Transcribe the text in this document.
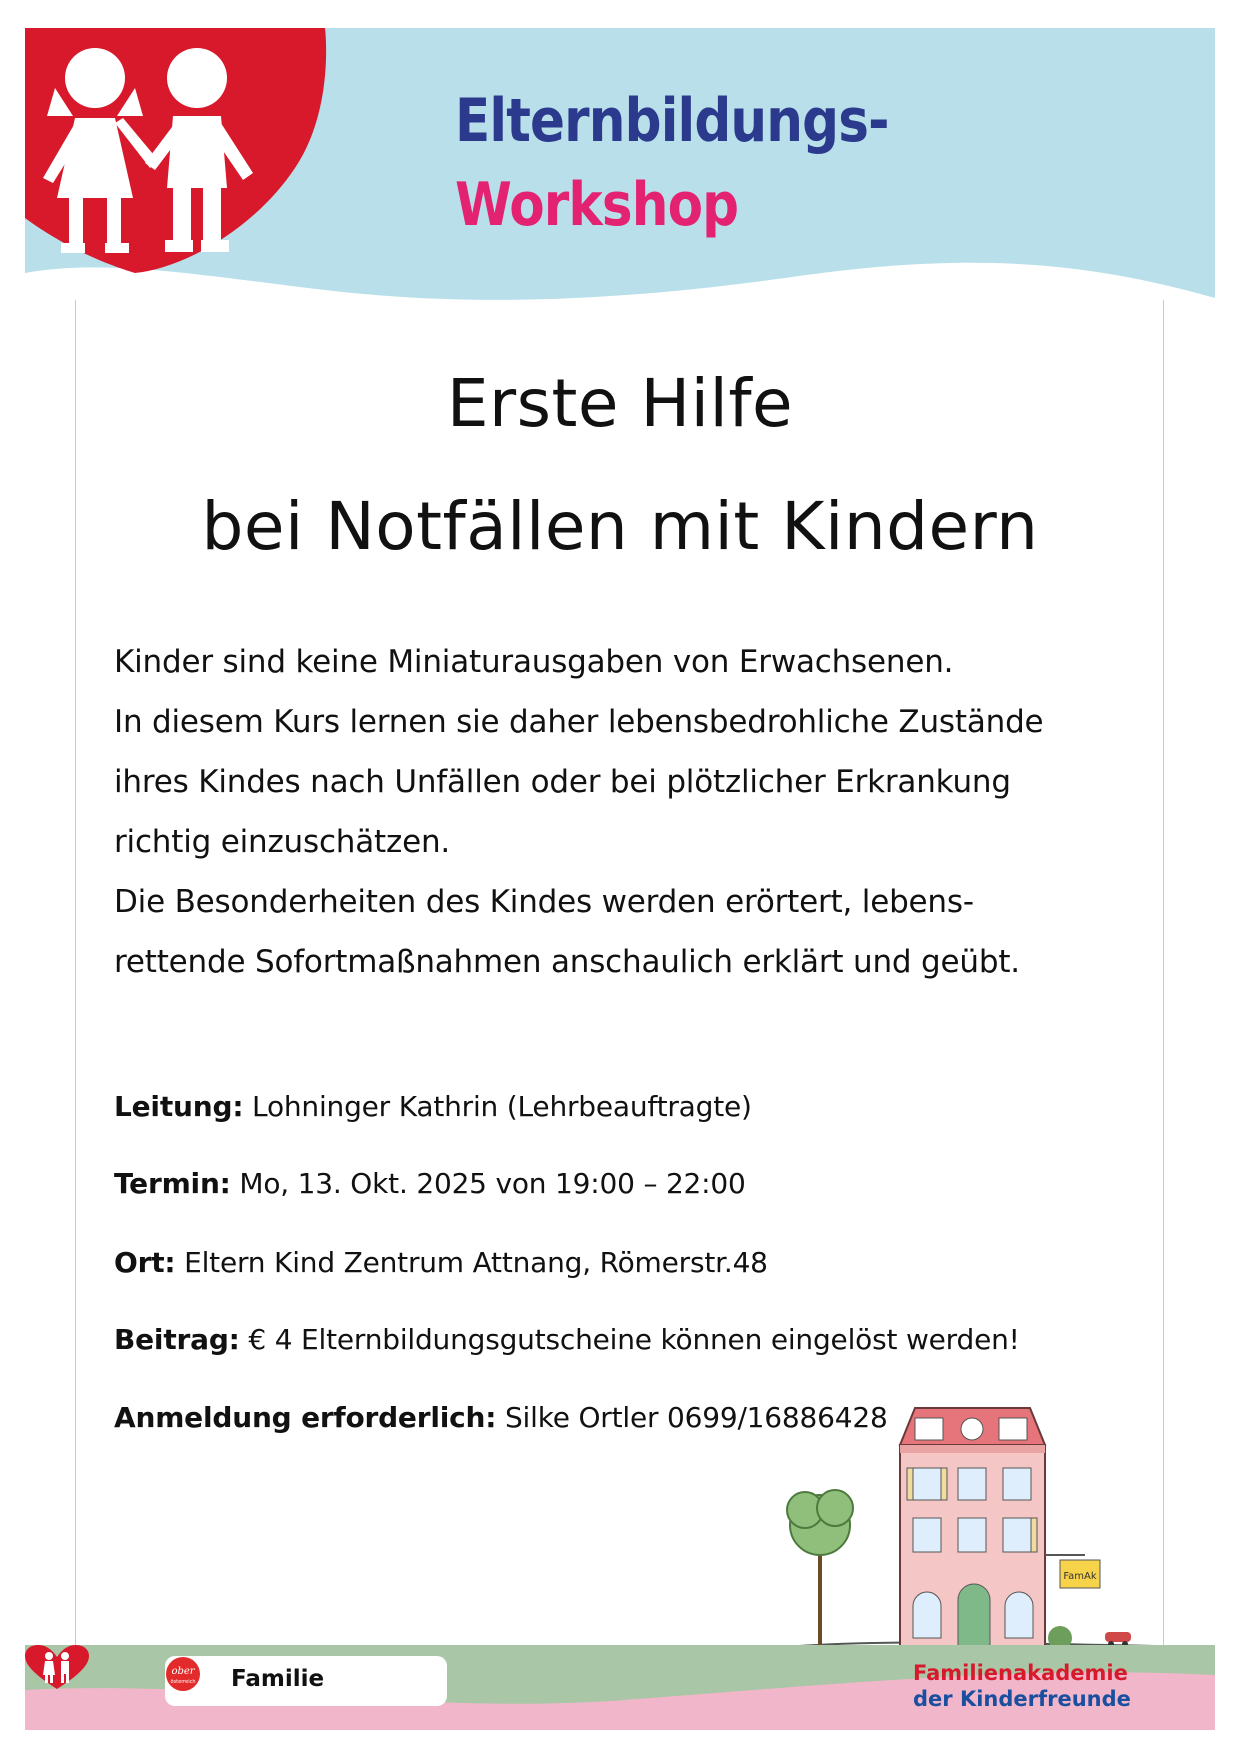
Elternbildungs-
Workshop
Erste Hilfe
bei Notfällen mit Kindern

Kinder sind keine Miniaturausgaben von Erwachsenen.

In diesem Kurs lernen sie daher lebensbedrohliche Zustände

ihres Kindes nach Unfällen oder bei plötzlicher Erkrankung

richtig einzuschätzen.

Die Besonderheiten des Kindes werden erörtert, lebens-

rettende Sofortmaßnahmen anschaulich erklärt und geübt.

Leitung: Lohninger Kathrin (Lehrbeauftragte)
Termin: Mo, 13. Okt. 2025 von 19:00 – 22:00
Ort: Eltern Kind Zentrum Attnang, Römerstr.48
Beitrag: € 4 Elternbildungsgutscheine können eingelöst werden!
Anmeldung erforderlich: Silke Ortler 0699/16886428
FamAk
Familie
ober
österreich	Familienakademie
der Kinderfreunde
